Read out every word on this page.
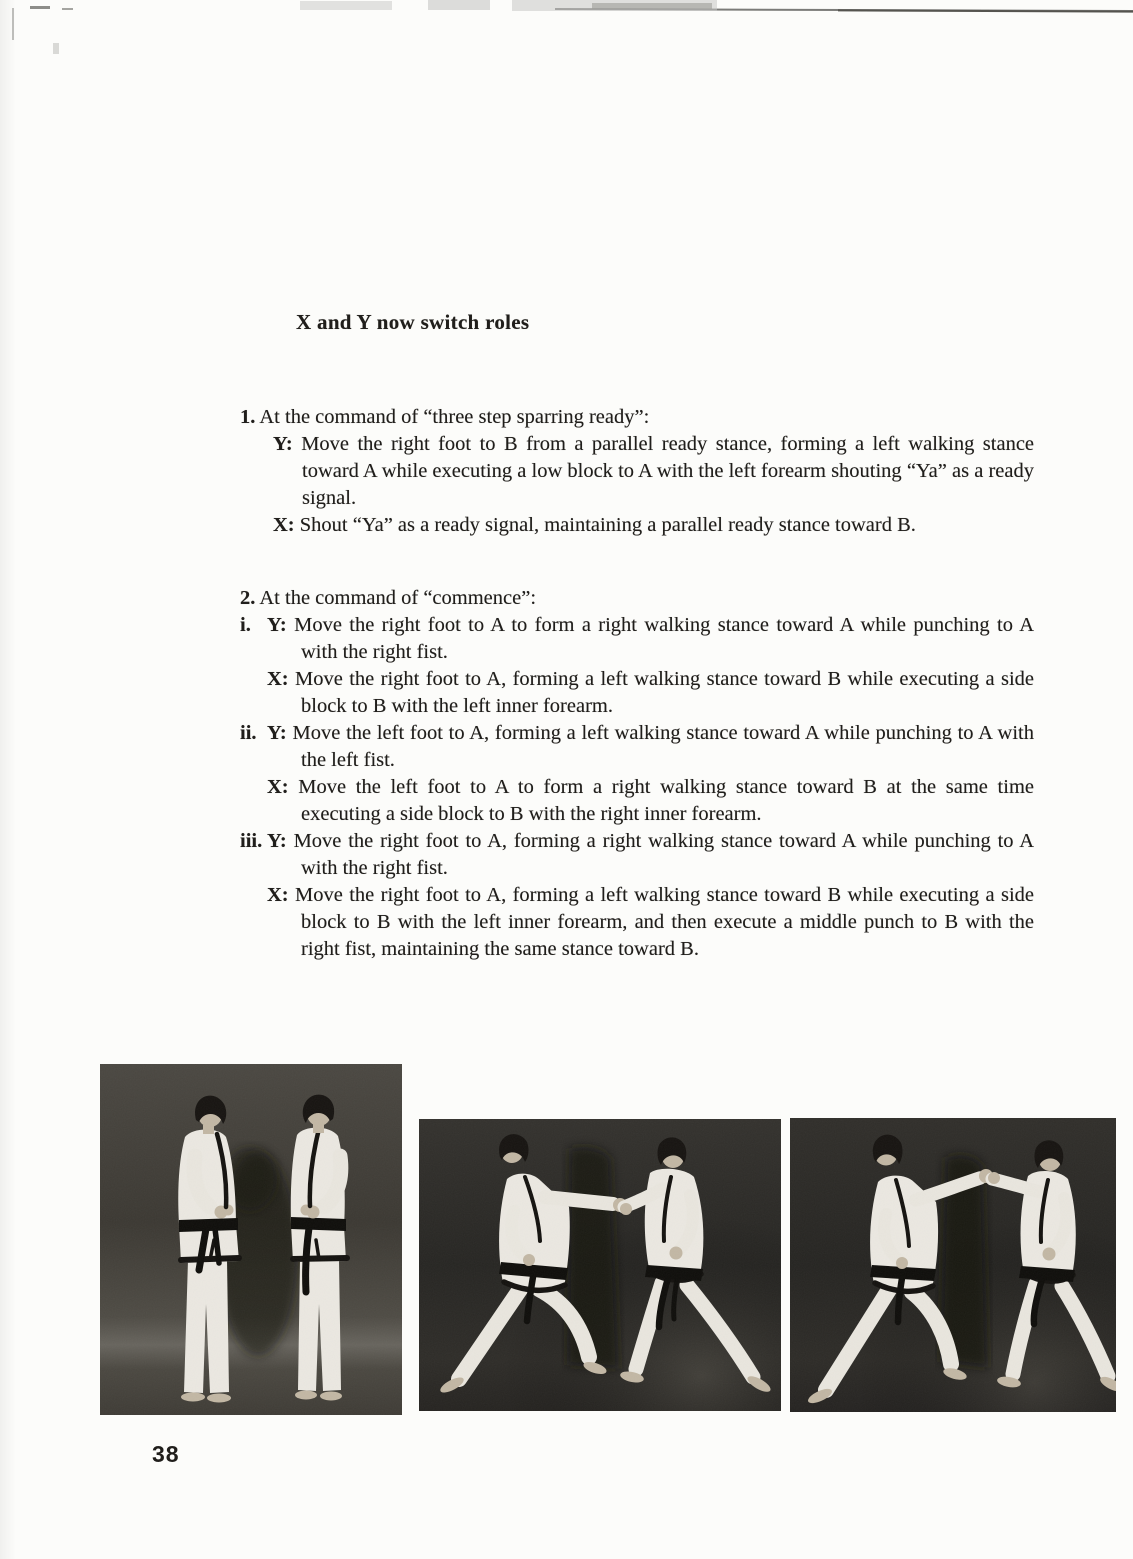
X and Y now switch roles

1. At the command of “three step sparring ready”:

Y: Move the right foot to B from a parallel ready stance, forming a left walking stance toward A while executing a low block to A with the left forearm shouting “Ya” as a ready signal.

X: Shout “Ya” as a ready signal, maintaining a parallel ready stance toward B.

2. At the command of “commence”:

i. Y: Move the right foot to A to form a right walking stance toward A while punching to A with the right fist.

X: Move the right foot to A, forming a left walking stance toward B while executing a side block to B with the left inner forearm.

ii. Y: Move the left foot to A, forming a left walking stance toward A while punching to A with the left fist.

X: Move the left foot to A to form a right walking stance toward B at the same time executing a side block to B with the right inner forearm.

iii. Y: Move the right foot to A, forming a right walking stance toward A while punching to A with the right fist.

X: Move the right foot to A, forming a left walking stance toward B while executing a side block to B with the left inner forearm, and then execute a middle punch to B with the right fist, maintaining the same stance toward B.

38
